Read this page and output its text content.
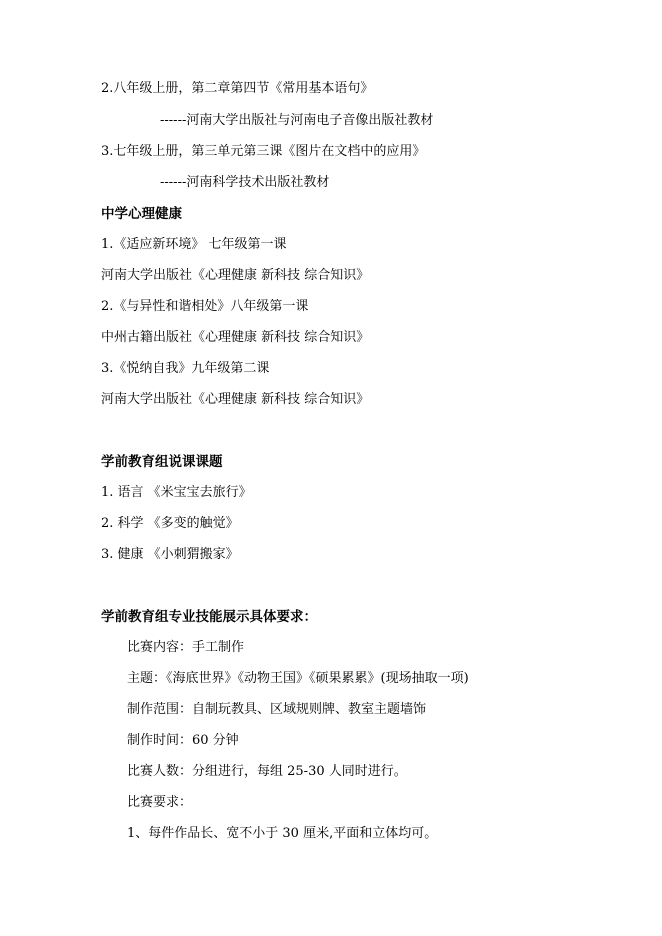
2.八年级上册，第二章第四节《常用基本语句》
------河南大学出版社与河南电子音像出版社教材
3.七年级上册，第三单元第三课《图片在文档中的应用》
------河南科学技术出版社教材
中学心理健康
1.《适应新环境》 七年级第一课
河南大学出版社《心理健康 新科技 综合知识》
2.《与异性和谐相处》八年级第一课
中州古籍出版社《心理健康 新科技 综合知识》
3.《悦纳自我》九年级第二课
河南大学出版社《心理健康 新科技 综合知识》
学前教育组说课课题
1. 语言 《米宝宝去旅行》
2. 科学 《多变的触觉》
3. 健康 《小刺猬搬家》
学前教育组专业技能展示具体要求：
比赛内容：手工制作
主题：《海底世界》《动物王国》《硕果累累》(现场抽取一项)
制作范围：自制玩教具、区域规则牌、教室主题墙饰
制作时间：60 分钟
比赛人数：分组进行，每组 25-30 人同时进行。
比赛要求：
1、每件作品长、宽不小于 30 厘米,平面和立体均可。
